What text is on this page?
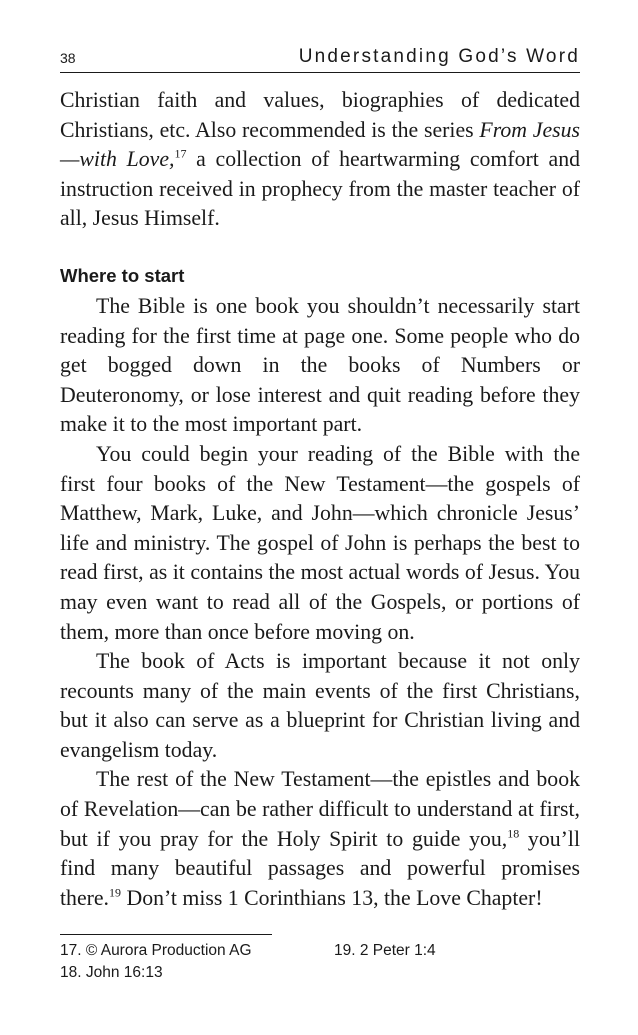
38	Understanding God’s Word

Christian faith and values, biographies of dedicated Christians, etc. Also recommended is the series From Jesus—with Love,$^{17}$ a collection of heartwarming comfort and instruction received in prophecy from the master teacher of all, Jesus Himself.

Where to start

The Bible is one book you shouldn’t necessarily start reading for the first time at page one. Some people who do get bogged down in the books of Numbers or Deuteronomy, or lose interest and quit reading before they make it to the most important part.

You could begin your reading of the Bible with the first four books of the New Testament—the gospels of Matthew, Mark, Luke, and John—which chronicle Jesus’ life and ministry. The gospel of John is perhaps the best to read first, as it contains the most actual words of Jesus. You may even want to read all of the Gospels, or portions of them, more than once before moving on.

The book of Acts is important because it not only recounts many of the main events of the first Christians, but it also can serve as a blueprint for Christian living and evangelism today.

The rest of the New Testament—the epistles and book of Revelation—can be rather difficult to understand at first, but if you pray for the Holy Spirit to guide you,$^{18}$ you’ll find many beautiful passages and powerful promises there.$^{19}$ Don’t miss 1 Corinthians 13, the Love Chapter!

17. © Aurora Production AG
18. John 16:13
19. 2 Peter 1:4
